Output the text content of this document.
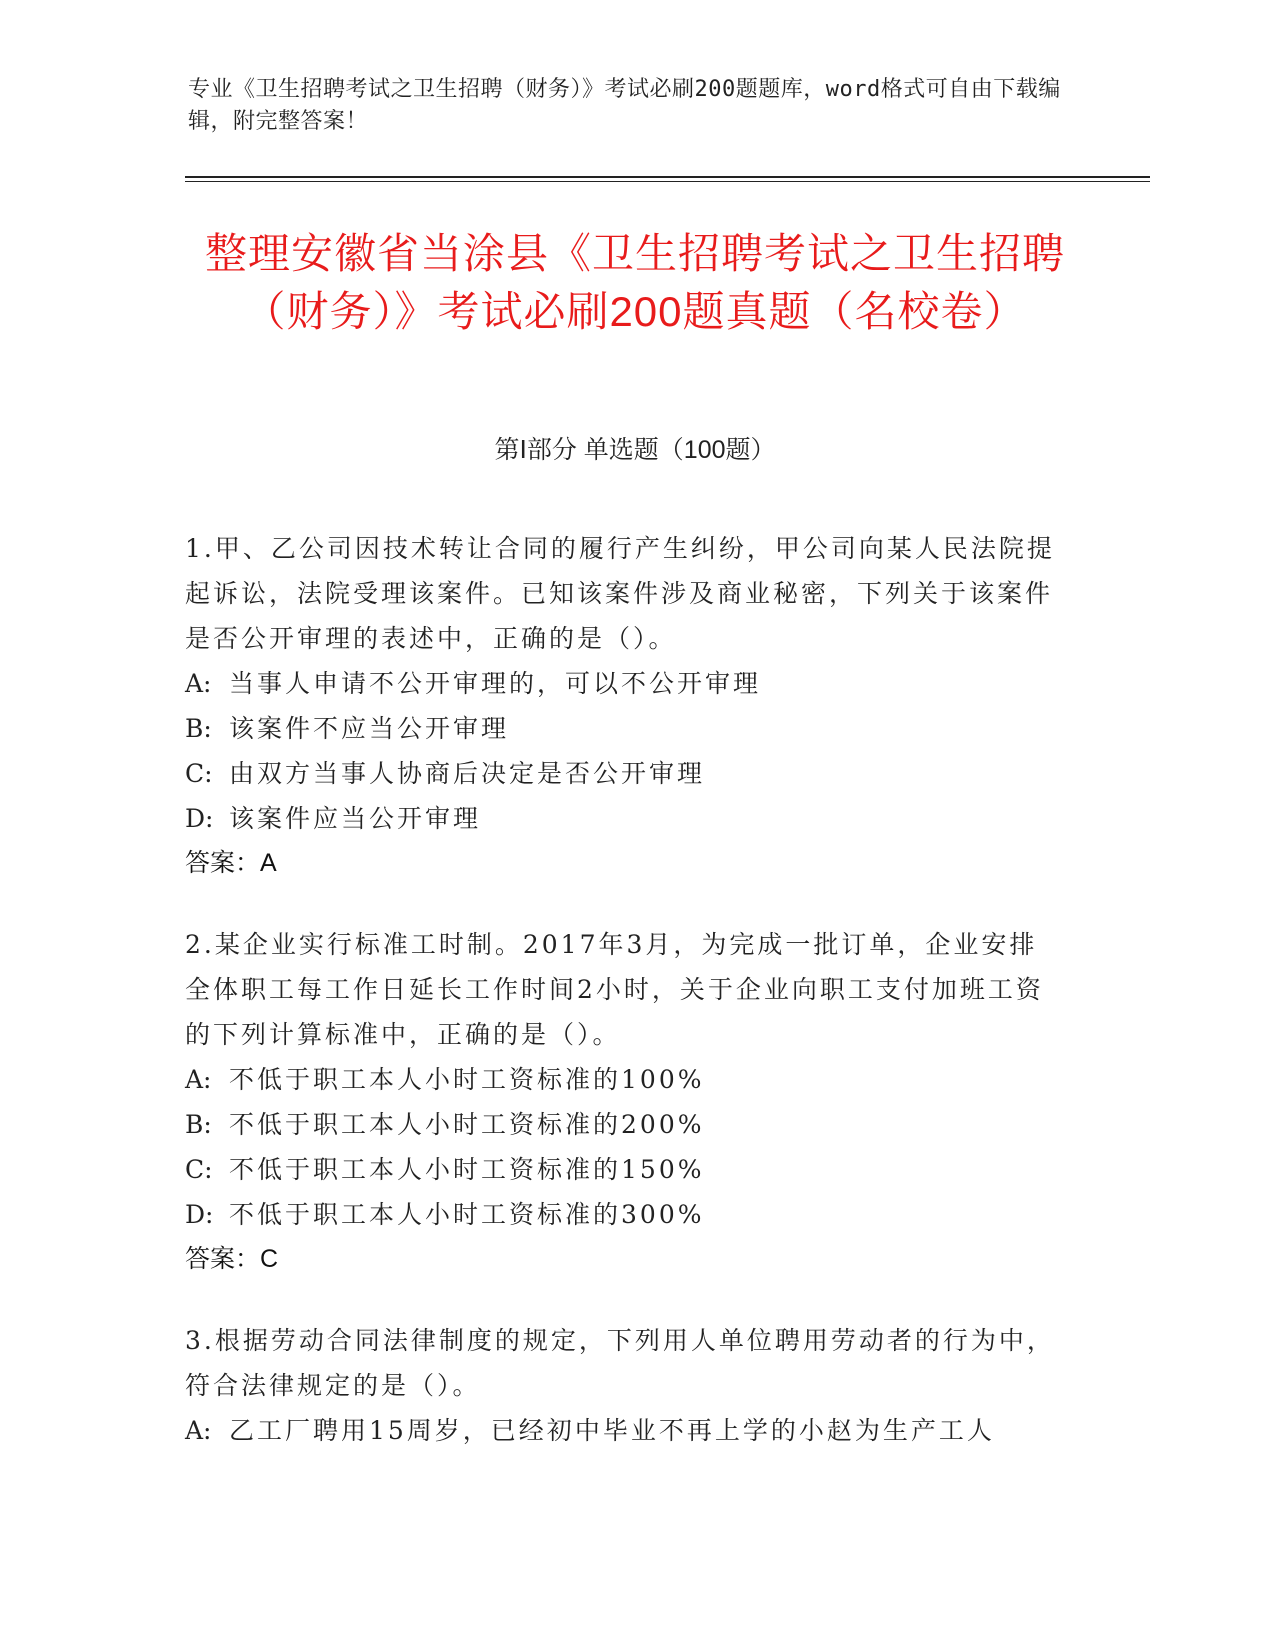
专业《卫生招聘考试之卫生招聘（财务）》考试必刷200题题库，word格式可自由下载编辑，附完整答案！
整理安徽省当涂县《卫生招聘考试之卫生招聘（财务）》考试必刷200题真题（名校卷）
第Ⅰ部分 单选题（100题）
1.甲、乙公司因技术转让合同的履行产生纠纷，甲公司向某人民法院提起诉讼，法院受理该案件。已知该案件涉及商业秘密，下列关于该案件是否公开审理的表述中，正确的是（）。
A: 当事人申请不公开审理的，可以不公开审理
B: 该案件不应当公开审理
C: 由双方当事人协商后决定是否公开审理
D: 该案件应当公开审理
答案：A
2.某企业实行标准工时制。2017年3月，为完成一批订单，企业安排全体职工每工作日延长工作时间2小时，关于企业向职工支付加班工资的下列计算标准中，正确的是（）。
A: 不低于职工本人小时工资标准的100%
B: 不低于职工本人小时工资标准的200%
C: 不低于职工本人小时工资标准的150%
D: 不低于职工本人小时工资标准的300%
答案：C
3.根据劳动合同法律制度的规定，下列用人单位聘用劳动者的行为中，符合法律规定的是（）。
A: 乙工厂聘用15周岁，已经初中毕业不再上学的小赵为生产工人
